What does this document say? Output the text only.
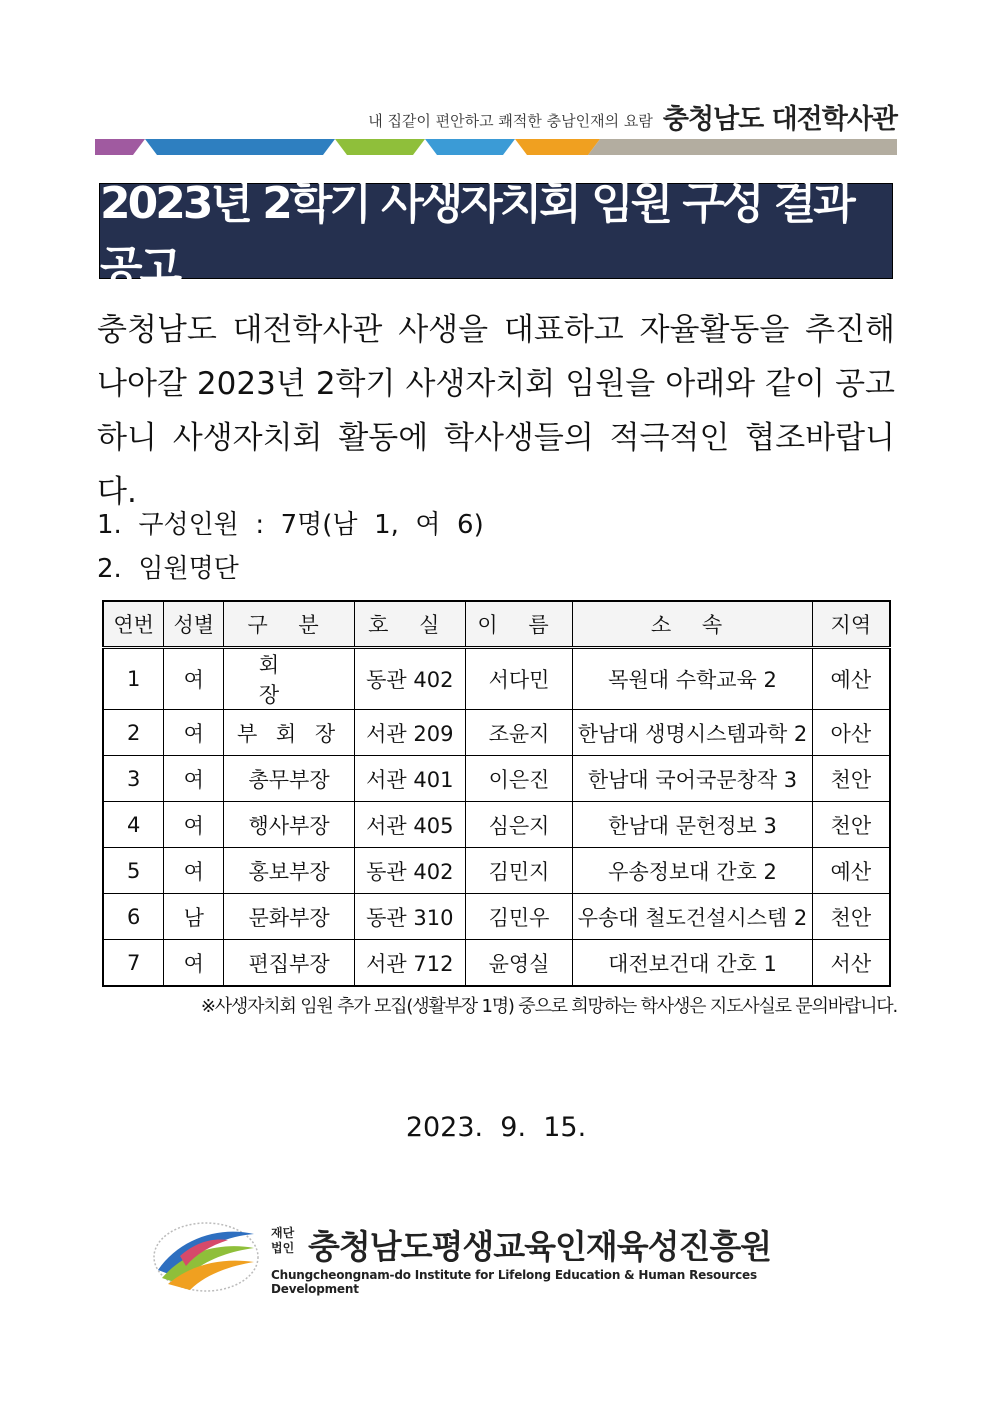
내 집같이 편안하고 쾌적한 충남인재의 요람 충청남도 대전학사관
2023년 2학기 사생자치회 임원 구성 결과 공고
충청남도 대전학사관 사생을 대표하고 자율활동을 추진해
나아갈 2023년 2학기 사생자치회 임원을 아래와 같이 공고
하니 사생자치회 활동에 학사생들의 적극적인 협조바랍니다.
1.  구성인원  :  7명(남  1,  여  6)
2.  임원명단
연번	성별	구 분	호 실	이 름	소 속	지역
1	여	회 장	동관 402	서다민	목원대 수학교육 2	예산
2	여	부 회 장	서관 209	조윤지	한남대 생명시스템과학 2	아산
3	여	총무부장	서관 401	이은진	한남대 국어국문창작 3	천안
4	여	행사부장	서관 405	심은지	한남대 문헌정보 3	천안
5	여	홍보부장	동관 402	김민지	우송정보대 간호 2	예산
6	남	문화부장	동관 310	김민우	우송대 철도건설시스템 2	천안
7	여	편집부장	서관 712	윤영실	대전보건대 간호 1	서산
※사생자치회 임원 추가 모집(생활부장 1명) 중으로 희망하는 학사생은 지도사실로 문의바랍니다.
2023.  9.  15.
재단
법인 충청남도평생교육인재육성진흥원
Chungcheongnam-do Institute for Lifelong Education & Human Resources Development
